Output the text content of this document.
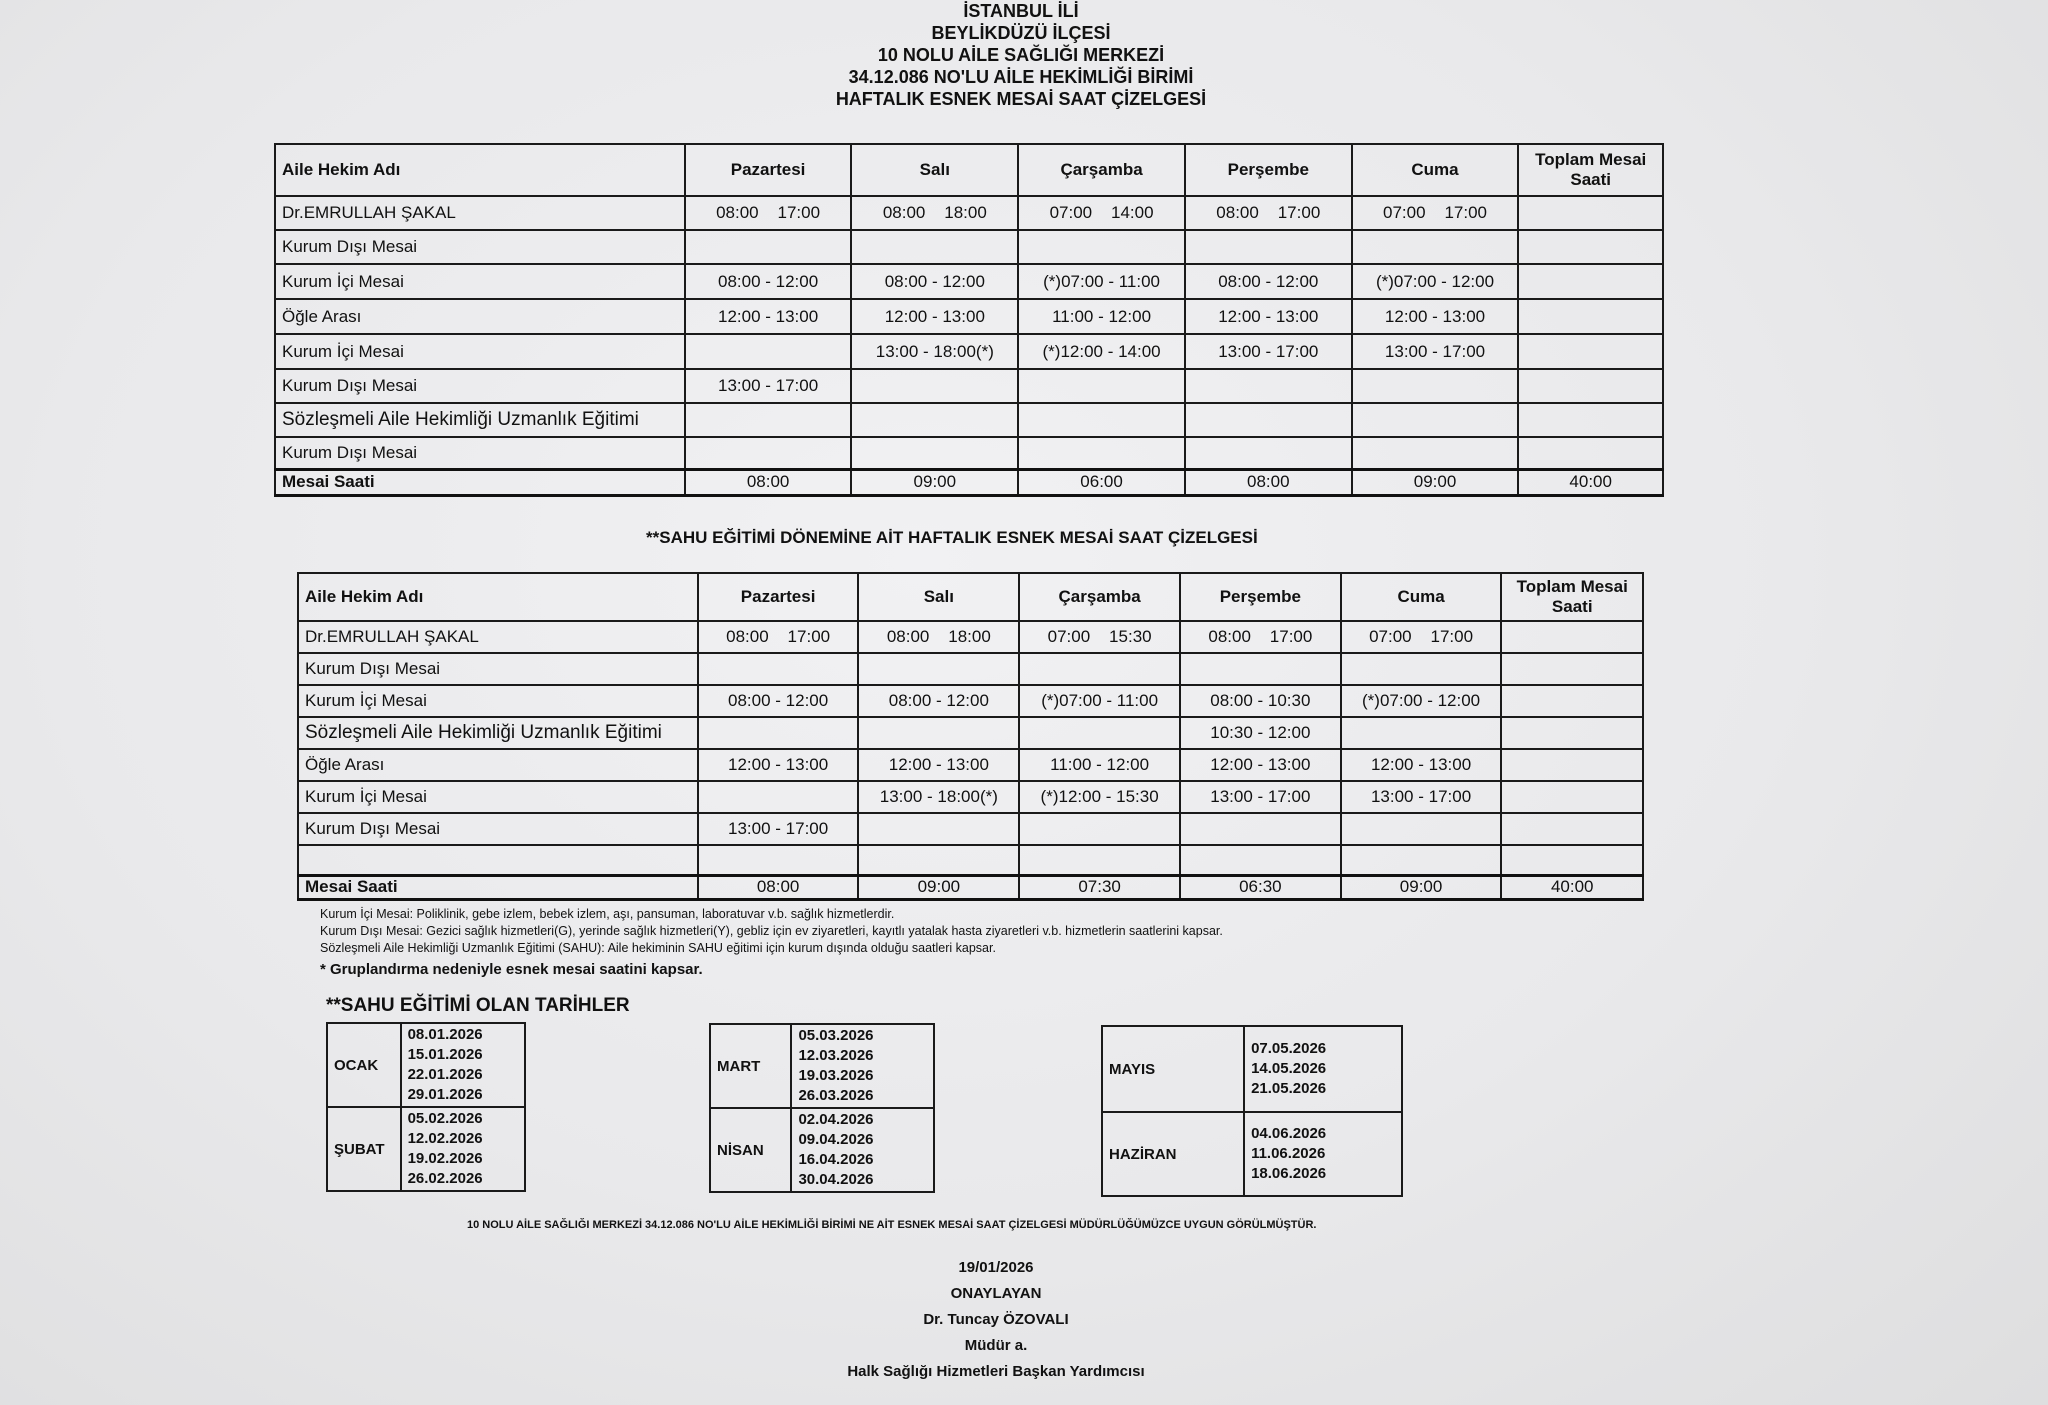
İSTANBUL İLİ
BEYLİKDÜZÜ İLÇESİ
10 NOLU AİLE SAĞLIĞI MERKEZİ
34.12.086 NO'LU AİLE HEKİMLİĞİ BİRİMİ
HAFTALIK ESNEK MESAİ SAAT ÇİZELGESİ
Aile Hekim Adı	Pazartesi	Salı	Çarşamba	Perşembe	Cuma	Toplam Mesai Saati
Dr.EMRULLAH ŞAKAL	08:00    17:00	08:00    18:00	07:00    14:00	08:00    17:00	07:00    17:00	
Kurum Dışı Mesai						
Kurum İçi Mesai	08:00 - 12:00	08:00 - 12:00	(*)07:00 - 11:00	08:00 - 12:00	(*)07:00 - 12:00	
Öğle Arası	12:00 - 13:00	12:00 - 13:00	11:00 - 12:00	12:00 - 13:00	12:00 - 13:00	
Kurum İçi Mesai		13:00 - 18:00(*)	(*)12:00 - 14:00	13:00 - 17:00	13:00 - 17:00	
Kurum Dışı Mesai	13:00 - 17:00					
Sözleşmeli Aile Hekimliği Uzmanlık Eğitimi						
Kurum Dışı Mesai						
Mesai Saati	08:00	09:00	06:00	08:00	09:00	40:00
**SAHU EĞİTİMİ DÖNEMİNE AİT HAFTALIK ESNEK MESAİ SAAT ÇİZELGESİ
Aile Hekim Adı	Pazartesi	Salı	Çarşamba	Perşembe	Cuma	Toplam Mesai Saati
Dr.EMRULLAH ŞAKAL	08:00    17:00	08:00    18:00	07:00    15:30	08:00    17:00	07:00    17:00	
Kurum Dışı Mesai						
Kurum İçi Mesai	08:00 - 12:00	08:00 - 12:00	(*)07:00 - 11:00	08:00 - 10:30	(*)07:00 - 12:00	
Sözleşmeli Aile Hekimliği Uzmanlık Eğitimi				10:30 - 12:00		
Öğle Arası	12:00 - 13:00	12:00 - 13:00	11:00 - 12:00	12:00 - 13:00	12:00 - 13:00	
Kurum İçi Mesai		13:00 - 18:00(*)	(*)12:00 - 15:30	13:00 - 17:00	13:00 - 17:00	
Kurum Dışı Mesai	13:00 - 17:00					

Mesai Saati	08:00	09:00	07:30	06:30	09:00	40:00
Kurum İçi Mesai: Poliklinik, gebe izlem, bebek izlem, aşı, pansuman, laboratuvar v.b. sağlık hizmetlerdir.
Kurum Dışı Mesai: Gezici sağlık hizmetleri(G), yerinde sağlık hizmetleri(Y), gebliz için ev ziyaretleri, kayıtlı yatalak hasta ziyaretleri v.b. hizmetlerin saatlerini kapsar.
Sözleşmeli Aile Hekimliği Uzmanlık Eğitimi (SAHU): Aile hekiminin SAHU eğitimi için kurum dışında olduğu saatleri kapsar.
* Gruplandırma nedeniyle esnek mesai saatini kapsar.
**SAHU EĞİTİMİ OLAN TARİHLER
OCAK	08.01.2026
15.01.2026
22.01.2026
29.01.2026

ŞUBAT	05.02.2026
12.02.2026
19.02.2026
26.02.2026
MART	05.03.2026
12.03.2026
19.03.2026
26.03.2026

NİSAN	02.04.2026
09.04.2026
16.04.2026
30.04.2026
MAYIS	07.05.2026
14.05.2026
21.05.2026

HAZİRAN	04.06.2026
11.06.2026
18.06.2026
10 NOLU AİLE SAĞLIĞI MERKEZİ 34.12.086 NO'LU AİLE HEKİMLİĞİ BİRİMİ NE AİT ESNEK MESAİ SAAT ÇİZELGESİ MÜDÜRLÜĞÜMÜZCE UYGUN GÖRÜLMÜŞTÜR.
19/01/2026
ONAYLAYAN
Dr. Tuncay ÖZOVALI
Müdür a.
Halk Sağlığı Hizmetleri Başkan Yardımcısı
